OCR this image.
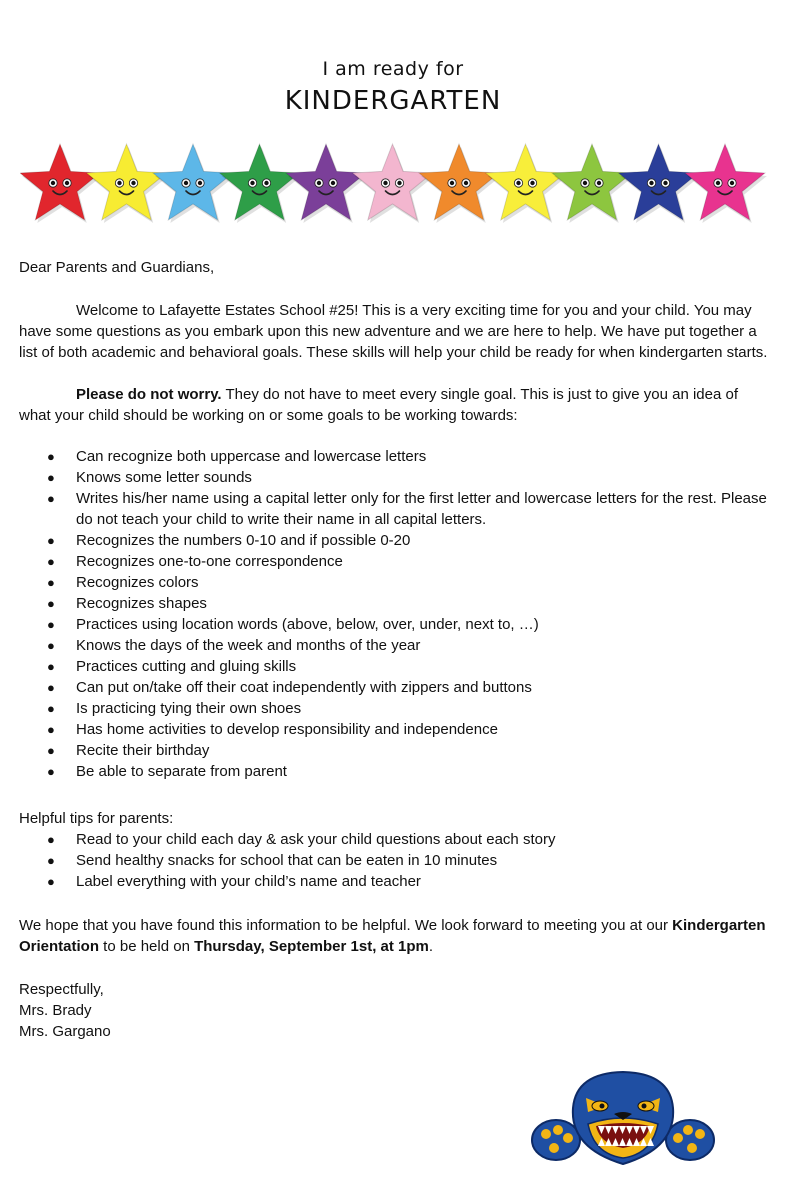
I am ready for
KINDERGARTEN
Dear Parents and Guardians,
Welcome to Lafayette Estates School #25! This is a very exciting time for you and your child. You may have some questions as you embark upon this new adventure and we are here to help. We have put together a list of both academic and behavioral goals. These skills will help your child be ready for when kindergarten starts.
Please do not worry. They do not have to meet every single goal. This is just to give you an idea of what your child should be working on or some goals to be working towards:
● Can recognize both uppercase and lowercase letters
● Knows some letter sounds
● Writes his/her name using a capital letter only for the first letter and lowercase letters for the rest. Please do not teach your child to write their name in all capital letters.
● Recognizes the numbers 0-10 and if possible 0-20
● Recognizes one-to-one correspondence
● Recognizes colors
● Recognizes shapes
● Practices using location words (above, below, over, under, next to, …)
● Knows the days of the week and months of the year
● Practices cutting and gluing skills
● Can put on/take off their coat independently with zippers and buttons
● Is practicing tying their own shoes
● Has home activities to develop responsibility and independence
● Recite their birthday
● Be able to separate from parent
Helpful tips for parents:
● Read to your child each day & ask your child questions about each story
● Send healthy snacks for school that can be eaten in 10 minutes
● Label everything with your child’s name and teacher
We hope that you have found this information to be helpful. We look forward to meeting you at our Kindergarten Orientation to be held on Thursday, September 1st, at 1pm.
Respectfully,
Mrs. Brady
Mrs. Gargano
